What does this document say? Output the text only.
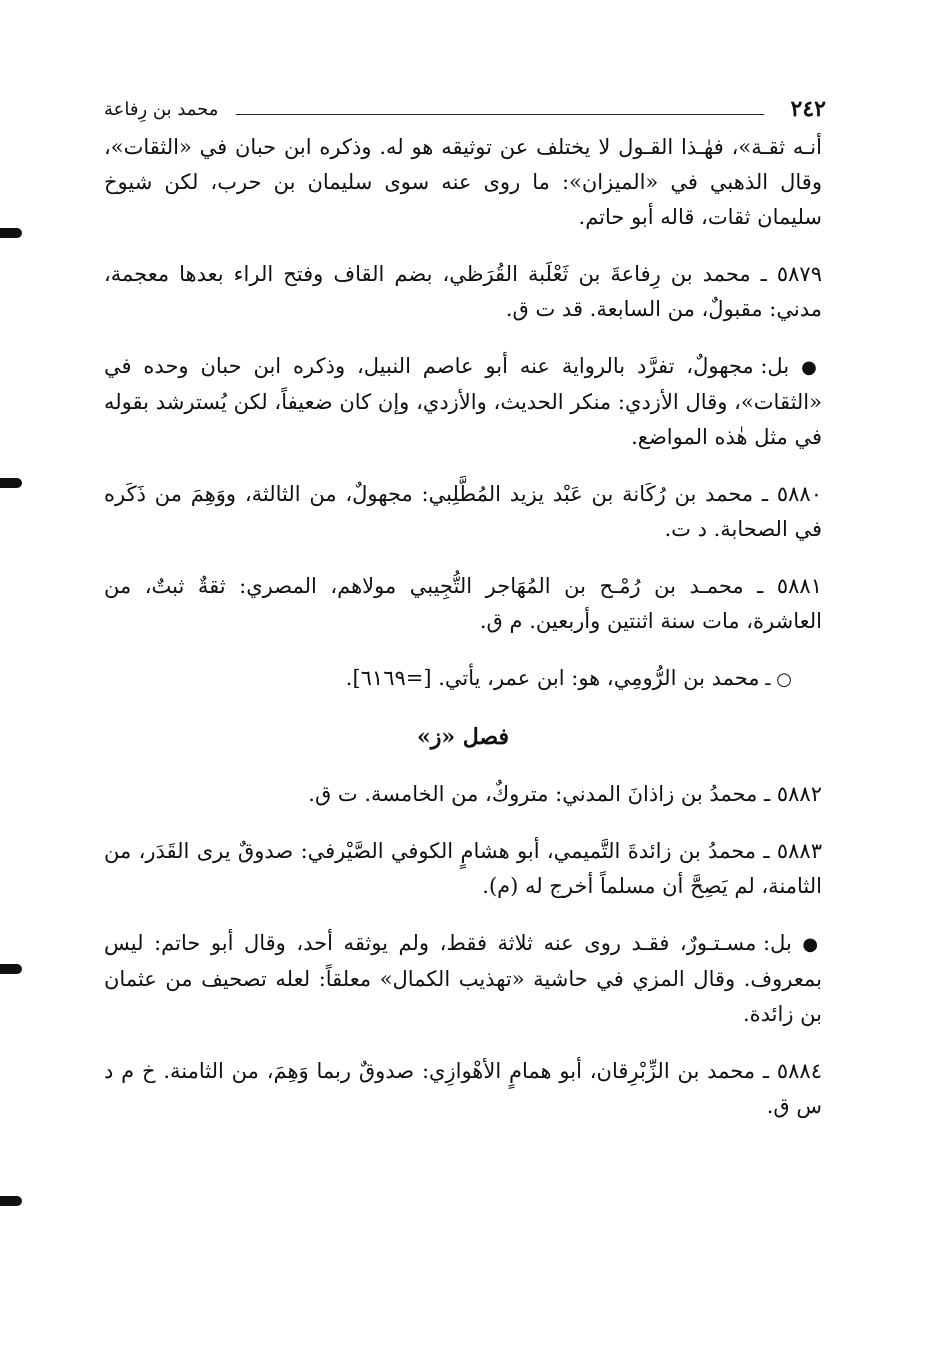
٢٤٢
محمد بن رِفاعة

أنـه ثقـة»، فهٰـذا القـول لا يختلف عن توثيقه هو له. وذكره ابن حبان في «الثقات»، وقال الذهبي في «الميزان»: ما روى عنه سوى سليمان بن حرب، لكن شيوخ سليمان ثقات، قاله أبو حاتم.

٥٨٧٩ ـ محمد بن رِفاعةَ بن ثَعْلَبة القُرَظي، بضم القاف وفتح الراء بعدها معجمة، مدني: مقبولٌ، من السابعة. قد ت ق.

● بل: مجهولٌ، تفرَّد بالرواية عنه أبو عاصم النبيل، وذكره ابن حبان وحده في «الثقات»، وقال الأزدي: منكر الحديث، والأزدي، وإن كان ضعيفاً، لكن يُسترشد بقوله في مثل هٰذه المواضع.

٥٨٨٠ ـ محمد بن رُكَانة بن عَبْد يزيد المُطَّلِبي: مجهولٌ، من الثالثة، ووَهِمَ من ذَكَره في الصحابة. د ت.

٥٨٨١ ـ محمـد بن رُمْـح بن المُهَاجر التُّجِيبي مولاهم، المصري: ثقةٌ ثبتٌ، من العاشرة، مات سنة اثنتين وأربعين. م ق.

○ ـ محمد بن الرُّومِي، هو: ابن عمر، يأتي. [=٦١٦٩].

فصل «ز»

٥٨٨٢ ـ محمدُ بن زاذانَ المدني: متروكٌ، من الخامسة. ت ق.

٥٨٨٣ ـ محمدُ بن زائدةَ التَّميمي، أبو هشامٍ الكوفي الصَّيْرفي: صدوقٌ يرى القَدَر، من الثامنة، لم يَصِحَّ أن مسلماً أخرج له (م).

● بل: مسـتـورٌ، فقـد روى عنه ثلاثة فقط، ولم يوثقه أحد، وقال أبو حاتم: ليس بمعروف. وقال المزي في حاشية «تهذيب الكمال» معلقاً: لعله تصحيف من عثمان بن زائدة.

٥٨٨٤ ـ محمد بن الزِّبْرِقان، أبو همامٍ الأهْوازِي: صدوقٌ ربما وَهِمَ، من الثامنة. خ م د س ق.
